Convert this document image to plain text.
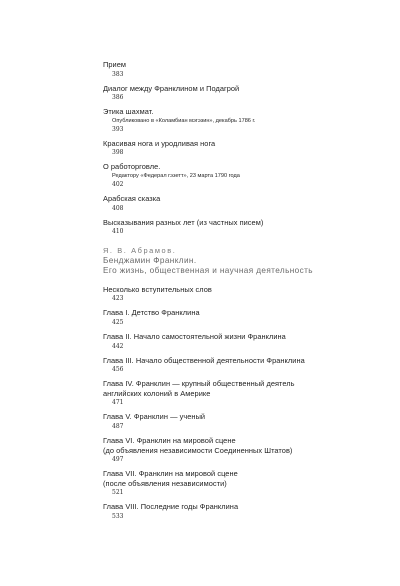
Прием
383
Диалог между Франклином и Подагрой
386
Этика шахмат.
Опубликовано в «Коламбиан мэгэзин», декабрь 1786 г.
393
Красивая нога и уродливая нога
398
О работорговле.
Редактору «Федерал гэзетт», 23 марта 1790 года
402
Арабская сказка
408
Высказывания разных лет (из частных писем)
410
Я. В. Абрамов.
Бенджамин Франклин.
Его жизнь, общественная и научная деятельность
Несколько вступительных слов
423
Глава I. Детство Франклина
425
Глава II. Начало самостоятельной жизни Франклина
442
Глава III. Начало общественной деятельности Франклина
456
Глава IV. Франклин — крупный общественный деятель
английских колоний в Америке
471
Глава V. Франклин — ученый
487
Глава VI. Франклин на мировой сцене
(до объявления независимости Соединенных Штатов)
497
Глава VII. Франклин на мировой сцене
(после объявления независимости)
521
Глава VIII. Последние годы Франклина
533
